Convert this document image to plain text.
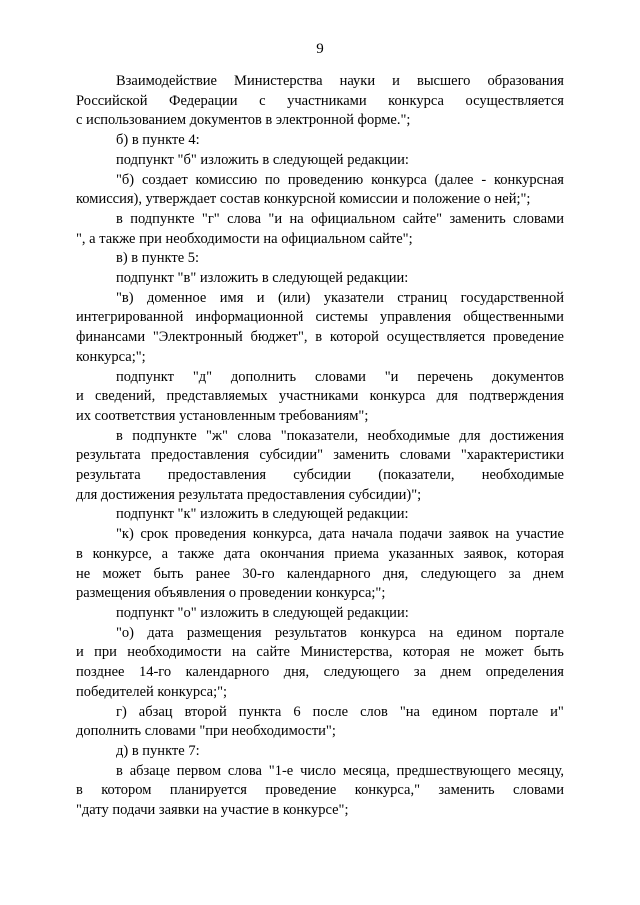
9
Взаимодействие Министерства науки и высшего образования
Российской Федерации с участниками конкурса осуществляется
с использованием документов в электронной форме.";
б) в пункте 4:
подпункт "б" изложить в следующей редакции:
"б) создает комиссию по проведению конкурса (далее - конкурсная
комиссия), утверждает состав конкурсной комиссии и положение о ней;";
в подпункте "г" слова "и на официальном сайте" заменить словами
", а также при необходимости на официальном сайте";
в) в пункте 5:
подпункт "в" изложить в следующей редакции:
"в) доменное имя и (или) указатели страниц государственной
интегрированной информационной системы управления общественными
финансами "Электронный бюджет", в которой осуществляется проведение
конкурса;";
подпункт "д" дополнить словами "и перечень документов
и сведений, представляемых участниками конкурса для подтверждения
их соответствия установленным требованиям";
в подпункте "ж" слова "показатели, необходимые для достижения
результата предоставления субсидии" заменить словами "характеристики
результата предоставления субсидии (показатели, необходимые
для достижения результата предоставления субсидии)";
подпункт "к" изложить в следующей редакции:
"к) срок проведения конкурса, дата начала подачи заявок на участие
в конкурсе, а также дата окончания приема указанных заявок, которая
не может быть ранее 30-го календарного дня, следующего за днем
размещения объявления о проведении конкурса;";
подпункт "о" изложить в следующей редакции:
"о) дата размещения результатов конкурса на едином портале
и при необходимости на сайте Министерства, которая не может быть
позднее 14-го календарного дня, следующего за днем определения
победителей конкурса;";
г) абзац второй пункта 6 после слов "на едином портале и"
дополнить словами "при необходимости";
д) в пункте 7:
в абзаце первом слова "1-е число месяца, предшествующего месяцу,
в котором планируется проведение конкурса," заменить словами
"дату подачи заявки на участие в конкурсе";
